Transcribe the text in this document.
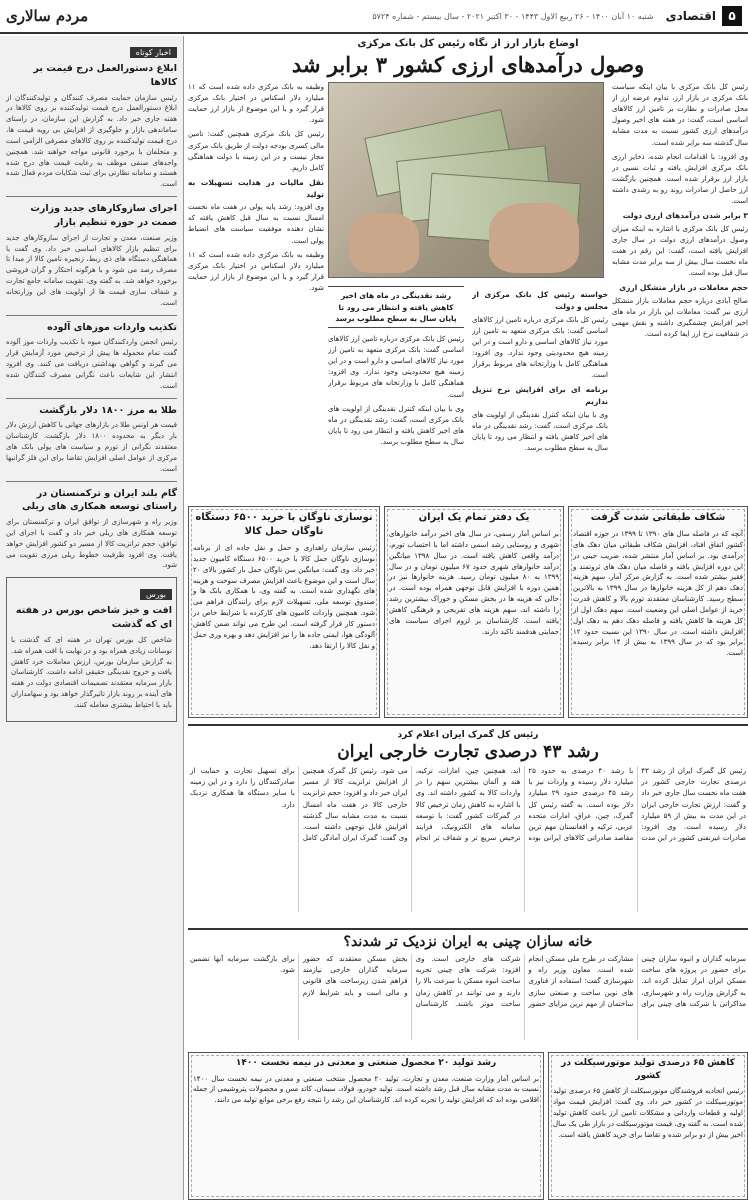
۵
اقتصادی
شنبه ۱۰ آبان ۱۴۰۰ - ۲۶ ربیع الاول ۱۴۴۳ - ۳۰ اکتبر ۲۰۲۱ - سال بیستم - شماره ۵۷۲۴
مردم سالاری
اخبار کوتاه
ابلاغ دستورالعمل درج قیمت بر کالاها

رئیس سازمان حمایت مصرف کنندگان و تولیدکنندگان از ابلاغ دستورالعمل درج قیمت تولیدکننده بر روی کالاها در هفته جاری خبر داد. به گزارش این سازمان، در راستای ساماندهی بازار و جلوگیری از افزایش بی رویه قیمت ها، درج قیمت تولیدکننده بر روی کالاهای مصرفی الزامی است و متخلفان با برخورد قانونی مواجه خواهند شد. همچنین واحدهای صنفی موظف به رعایت قیمت های درج شده هستند و سامانه نظارتی برای ثبت شکایات مردم فعال شده است.

اجرای سازوکارهای جدید وزارت صمت در حوزه تنظیم بازار

وزیر صنعت، معدن و تجارت از اجرای سازوکارهای جدید برای تنظیم بازار کالاهای اساسی خبر داد. وی گفت با هماهنگی دستگاه های ذی ربط، زنجیره تامین کالا از مبدا تا مصرف رصد می شود و با هرگونه احتکار و گران فروشی برخورد خواهد شد. به گفته وی، تقویت سامانه جامع تجارت و شفاف سازی قیمت ها از اولویت های این وزارتخانه است.

تکذیب واردات موزهای آلوده

رئیس انجمن واردکنندگان میوه با تکذیب واردات موز آلوده گفت تمام محموله ها پیش از ترخیص مورد آزمایش قرار می گیرند و گواهی بهداشتی دریافت می کنند. وی افزود انتشار این شایعات باعث نگرانی مصرف کنندگان شده است.

طلا به مرز ۱۸۰۰ دلار بازگشت

قیمت هر اونس طلا در بازارهای جهانی با کاهش ارزش دلار بار دیگر به محدوده ۱۸۰۰ دلار بازگشت. کارشناسان معتقدند نگرانی از تورم و سیاست های پولی بانک های مرکزی از عوامل اصلی افزایش تقاضا برای این فلز گرانبها است.

گام بلند ایران و ترکمنستان در راستای توسعه همکاری های ریلی

وزیر راه و شهرسازی از توافق ایران و ترکمنستان برای توسعه همکاری های ریلی خبر داد و گفت با اجرای این توافق، حجم ترانزیت کالا از مسیر دو کشور افزایش خواهد یافت. وی افزود ظرفیت خطوط ریلی مرزی تقویت می شود.

بورس
افت و خیز شاخص بورس در هفته ای که گذشت

شاخص کل بورس تهران در هفته ای که گذشت با نوسانات زیادی همراه بود و در نهایت با افت همراه شد. به گزارش سازمان بورس، ارزش معاملات خرد کاهش یافت و خروج نقدینگی حقیقی ادامه داشت. کارشناسان بازار سرمایه معتقدند تصمیمات اقتصادی دولت در هفته های آینده بر روند بازار تاثیرگذار خواهد بود و سهامداران باید با احتیاط بیشتری معامله کنند.

اوضاع بازار ارز از نگاه رئیس کل بانک مرکزی
وصول درآمدهای ارزی کشور ۳ برابر شد

رئیس کل بانک مرکزی با بیان اینکه سیاست بانک مرکزی در بازار ارز، تداوم عرضه ارز از محل صادرات و نظارت بر تامین ارز کالاهای اساسی است، گفت: در هفته های اخیر وصول درآمدهای ارزی کشور نسبت به مدت مشابه سال گذشته سه برابر شده است.

وی افزود: با اقدامات انجام شده، ذخایر ارزی بانک مرکزی افزایش یافته و ثبات نسبی در بازار ارز برقرار شده است. همچنین بازگشت ارز حاصل از صادرات روند رو به رشدی داشته است.

۳ برابر شدن درآمدهای ارزی دولت

رئیس کل بانک مرکزی با اشاره به اینکه میزان وصول درآمدهای ارزی دولت در سال جاری افزایش یافته است، گفت: این رقم در هفت ماه نخست سال بیش از سه برابر مدت مشابه سال قبل بوده است.

حجم معاملات در بازار متشکل ارزی

صالح آبادی درباره حجم معاملات بازار متشکل ارزی نیز گفت: معاملات این بازار در ماه های اخیر افزایش چشمگیری داشته و نقش مهمی در شفافیت نرخ ارز ایفا کرده است.

خواسته رئیس کل بانک مرکزی از مجلس و دولت

رئیس کل بانک مرکزی درباره تامین ارز کالاهای اساسی گفت: بانک مرکزی متعهد به تامین ارز مورد نیاز کالاهای اساسی و دارو است و در این زمینه هیچ محدودیتی وجود ندارد. وی افزود: هماهنگی کامل با وزارتخانه های مربوط برقرار است.

برنامه ای برای افزایش نرخ تنزیل نداریم

وی با بیان اینکه کنترل نقدینگی از اولویت های بانک مرکزی است، گفت: رشد نقدینگی در ماه های اخیر کاهش یافته و انتظار می رود تا پایان سال به سطح مطلوب برسد.

رشد نقدینگی در ماه های اخیر کاهش یافته و انتظار می رود تا پایان سال به سطح مطلوب برسد

رئیس کل بانک مرکزی درباره تامین ارز کالاهای اساسی گفت: بانک مرکزی متعهد به تامین ارز مورد نیاز کالاهای اساسی و دارو است و در این زمینه هیچ محدودیتی وجود ندارد. وی افزود: هماهنگی کامل با وزارتخانه های مربوط برقرار است.

وی با بیان اینکه کنترل نقدینگی از اولویت های بانک مرکزی است، گفت: رشد نقدینگی در ماه های اخیر کاهش یافته و انتظار می رود تا پایان سال به سطح مطلوب برسد.

وظیفه به بانک مرکزی داده شده است که ۱۱ میلیارد دلار اسکناس در اختیار بانک مرکزی قرار گیرد و با این موضوع از بازار ارز حمایت شود.

رئیس کل بانک مرکزی همچنین گفت: تامین مالی کسری بودجه دولت از طریق بانک مرکزی مجاز نیست و در این زمینه با دولت هماهنگی کامل داریم.

نقل مالیات در هدایت تسهیلات به تولید

وی افزود: رشد پایه پولی در هفت ماه نخست امسال نسبت به سال قبل کاهش یافته که نشان دهنده موفقیت سیاست های انضباط پولی است.

وظیفه به بانک مرکزی داده شده است که ۱۱ میلیارد دلار اسکناس در اختیار بانک مرکزی قرار گیرد و با این موضوع از بازار ارز حمایت شود.

شکاف طبقاتی شدت گرفت

آنچه که در فاصله سال های ۱۳۹۰ تا ۱۳۹۹ در حوزه اقتصاد کشور اتفاق افتاد، افزایش شکاف طبقاتی میان دهک های درآمدی بود. بر اساس آمار منتشر شده، ضریب جینی در این دوره افزایش یافته و فاصله میان دهک های ثروتمند و فقیر بیشتر شده است. به گزارش مرکز آمار، سهم هزینه دهک دهم از کل هزینه خانوارها در سال ۱۳۹۹ به بالاترین سطح رسید. کارشناسان معتقدند تورم بالا و کاهش قدرت خرید از عوامل اصلی این وضعیت است. سهم دهک اول از کل هزینه ها کاهش یافته و فاصله دهک دهم به دهک اول افزایش داشته است. در سال ۱۳۹۰ این نسبت حدود ۱۲ برابر بود که در سال ۱۳۹۹ به بیش از ۱۴ برابر رسیده است.

یک دفتر تمام یک ایران

بر اساس آمار رسمی، در سال های اخیر درآمد خانوارهای شهری و روستایی رشد اسمی داشته اما با احتساب تورم، درآمد واقعی کاهش یافته است. در سال ۱۳۹۸ میانگین درآمد خانوارهای شهری حدود ۶۷ میلیون تومان و در سال ۱۳۹۹ به ۸۰ میلیون تومان رسید. هزینه خانوارها نیز در همین دوره با افزایش قابل توجهی همراه بوده است. در حالی که هزینه ها در بخش مسکن و خوراک بیشترین رشد را داشته اند، سهم هزینه های تفریحی و فرهنگی کاهش یافته است. کارشناسان بر لزوم اجرای سیاست های حمایتی هدفمند تاکید دارند.

نوسازی ناوگان با خرید ۶۵۰۰ دستگاه ناوگان حمل کالا

رئیس سازمان راهداری و حمل و نقل جاده ای از برنامه نوسازی ناوگان حمل کالا با خرید ۶۵۰۰ دستگاه کامیون جدید خبر داد. وی گفت: میانگین سن ناوگان حمل بار کشور بالای ۲۰ سال است و این موضوع باعث افزایش مصرف سوخت و هزینه های نگهداری شده است. به گفته وی، با همکاری بانک ها و صندوق توسعه ملی، تسهیلات لازم برای رانندگان فراهم می شود. همچنین واردات کامیون های کارکرده با شرایط خاص در دستور کار قرار گرفته است. این طرح می تواند ضمن کاهش آلودگی هوا، ایمنی جاده ها را نیز افزایش دهد و بهره وری حمل و نقل کالا را ارتقا دهد.

رئیس کل گمرک ایران اعلام کرد
رشد ۴۳ درصدی تجارت خارجی ایران
رئیس کل گمرک ایران از رشد ۴۳ درصدی تجارت خارجی کشور در هفت ماه نخست سال جاری خبر داد و گفت: ارزش تجارت خارجی ایران در این مدت به بیش از ۵۹ میلیارد دلار رسیده است. وی افزود: صادرات غیرنفتی کشور در این مدت با رشد ۴۰ درصدی به حدود ۲۵ میلیارد دلار رسیده و واردات نیز با رشد ۴۵ درصدی حدود ۲۹ میلیارد دلار بوده است. به گفته رئیس کل گمرک، چین، عراق، امارات متحده عربی، ترکیه و افغانستان مهم ترین مقاصد صادراتی کالاهای ایرانی بوده اند. همچنین چین، امارات، ترکیه، هند و آلمان بیشترین سهم را در واردات کالا به کشور داشته اند. وی با اشاره به کاهش زمان ترخیص کالا در گمرکات کشور گفت: با توسعه سامانه های الکترونیک، فرایند ترخیص سریع تر و شفاف تر انجام می شود. رئیس کل گمرک همچنین از افزایش ترانزیت کالا از مسیر ایران خبر داد و افزود: حجم ترانزیت خارجی کالا در هفت ماه امسال نسبت به مدت مشابه سال گذشته افزایش قابل توجهی داشته است. وی گفت: گمرک ایران آمادگی کامل برای تسهیل تجارت و حمایت از صادرکنندگان را دارد و در این زمینه با سایر دستگاه ها همکاری نزدیک دارد.
خانه سازان چینی به ایران نزدیک تر شدند؟
سرمایه گذاران و انبوه سازان چینی برای حضور در پروژه های ساخت مسکن ایران ابراز تمایل کرده اند. به گزارش وزارت راه و شهرسازی، مذاکراتی با شرکت های چینی برای مشارکت در طرح ملی مسکن انجام شده است. معاون وزیر راه و شهرسازی گفت: استفاده از فناوری های نوین ساخت و صنعتی سازی ساختمان از مهم ترین مزایای حضور شرکت های خارجی است. وی افزود: شرکت های چینی تجربه ساخت انبوه مسکن با سرعت بالا را دارند و می توانند در کاهش زمان ساخت موثر باشند. کارشناسان بخش مسکن معتقدند که حضور سرمایه گذاران خارجی نیازمند فراهم شدن زیرساخت های قانونی و مالی است و باید شرایط لازم برای بازگشت سرمایه آنها تضمین شود.
کاهش ۶۵ درصدی تولید موتورسیکلت در کشور

رئیس اتحادیه فروشندگان موتورسیکلت از کاهش ۶۵ درصدی تولید موتورسیکلت در کشور خبر داد. وی گفت: افزایش قیمت مواد اولیه و قطعات وارداتی و مشکلات تامین ارز باعث کاهش تولید شده است. به گفته وی، قیمت موتورسیکلت در بازار طی یک سال اخیر بیش از دو برابر شده و تقاضا برای خرید کاهش یافته است.

رشد تولید ۲۰ محصول صنعتی و معدنی در نیمه نخست ۱۴۰۰

بر اساس آمار وزارت صنعت، معدن و تجارت، تولید ۲۰ محصول منتخب صنعتی و معدنی در نیمه نخست سال ۱۴۰۰ نسبت به مدت مشابه سال قبل رشد داشته است. تولید خودرو، فولاد، سیمان، کاتد مس و محصولات پتروشیمی از جمله اقلامی بوده اند که افزایش تولید را تجربه کرده اند. کارشناسان این رشد را نتیجه رفع برخی موانع تولید می دانند.
